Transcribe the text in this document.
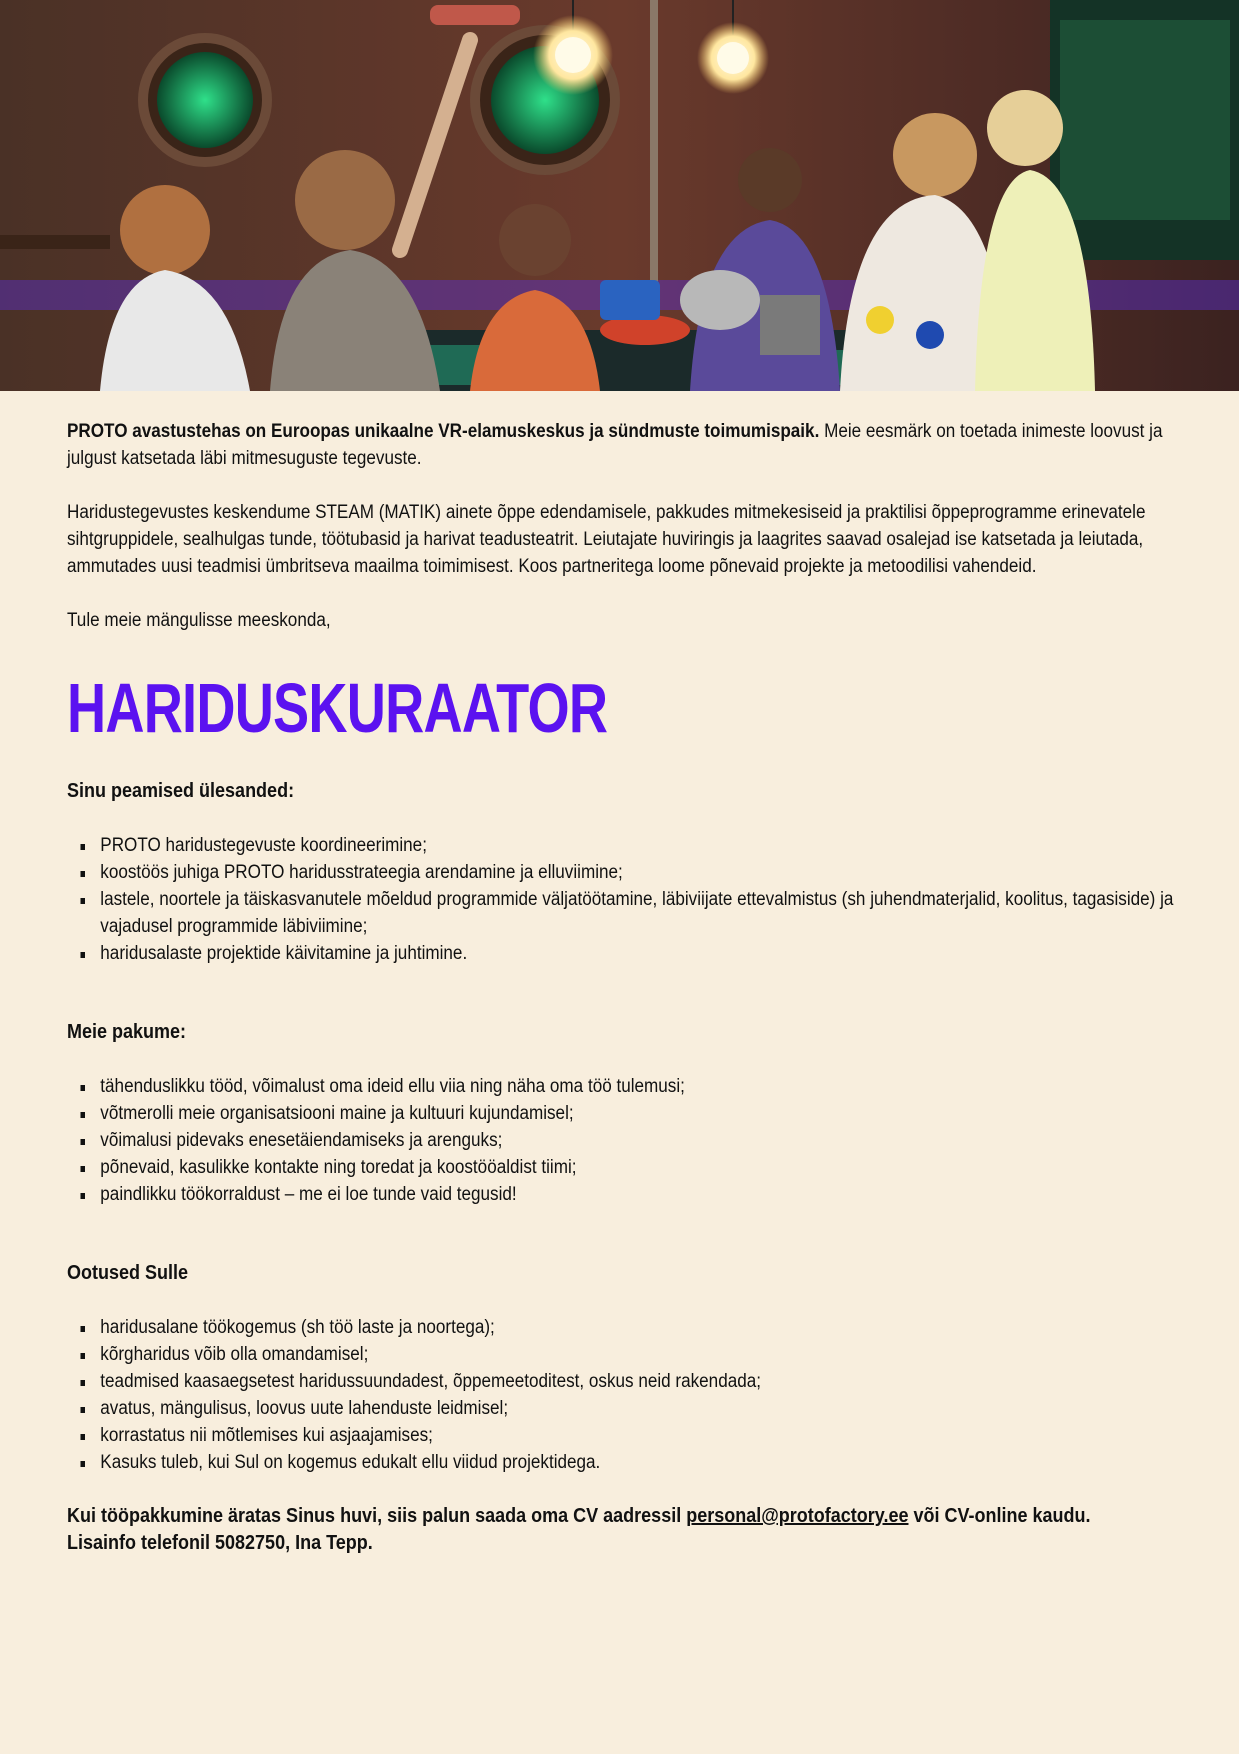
PROTO avastustehas on Euroopas unikaalne VR-elamuskeskus ja sündmuste toimumispaik. Meie eesmärk on toetada inimeste loovust ja julgust katsetada läbi mitmesuguste tegevuste.

Haridustegevustes keskendume STEAM (MATIK) ainete õppe edendamisele, pakkudes mitmekesiseid ja praktilisi õppeprogramme erinevatele sihtgruppidele, sealhulgas tunde, töötubasid ja harivat teadusteatrit. Leiutajate huviringis ja laagrites saavad osalejad ise katsetada ja leiutada, ammutades uusi teadmisi ümbritseva maailma toimimisest. Koos partneritega loome põnevaid projekte ja metoodilisi vahendeid.

Tule meie mängulisse meeskonda,

HARIDUSKURAATOR
Sinu peamised ülesanded:
PROTO haridustegevuste koordineerimine;
koostöös juhiga PROTO haridusstrateegia arendamine ja elluviimine;
lastele, noortele ja täiskasvanutele mõeldud programmide väljatöötamine, läbiviijate ettevalmistus (sh juhendmaterjalid, koolitus, tagasiside) ja vajadusel programmide läbiviimine;
haridusalaste projektide käivitamine ja juhtimine.
Meie pakume:
tähenduslikku tööd, võimalust oma ideid ellu viia ning näha oma töö tulemusi;
võtmerolli meie organisatsiooni maine ja kultuuri kujundamisel;
võimalusi pidevaks enesetäiendamiseks ja arenguks;
põnevaid, kasulikke kontakte ning toredat ja koostööaldist tiimi;
paindlikku töökorraldust – me ei loe tunde vaid tegusid!
Ootused Sulle
haridusalane töökogemus (sh töö laste ja noortega);
kõrgharidus võib olla omandamisel;
teadmised kaasaegsetest haridussuundadest, õppemeetoditest, oskus neid rakendada;
avatus, mängulisus, loovus uute lahenduste leidmisel;
korrastatus nii mõtlemises kui asjaajamises;
Kasuks tuleb, kui Sul on kogemus edukalt ellu viidud projektidega.

Kui tööpakkumine äratas Sinus huvi, siis palun saada oma CV aadressil personal@protofactory.ee või CV-online kaudu.

Lisainfo telefonil 5082750, Ina Tepp.
